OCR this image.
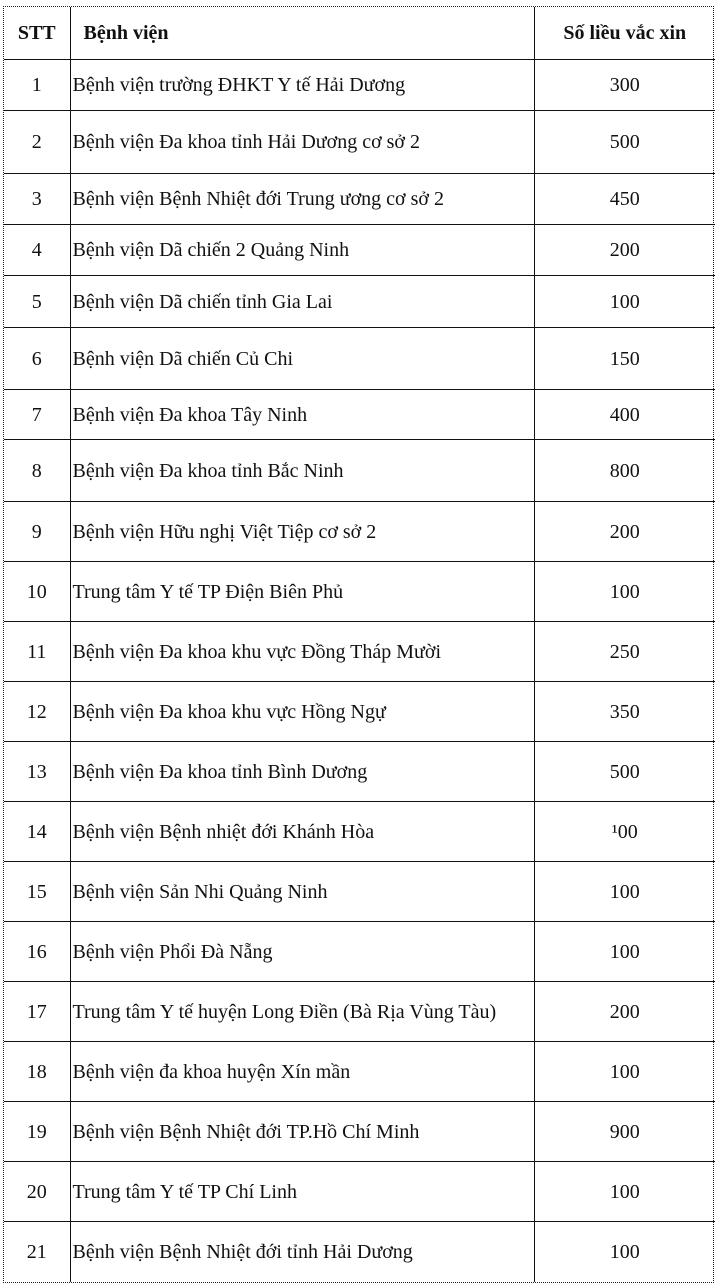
STT	Bệnh viện	Số liều vắc xin
1	Bệnh viện trường ĐHKT Y tế Hải Dương	300
2	Bệnh viện Đa khoa tỉnh Hải Dương cơ sở 2	500
3	Bệnh viện Bệnh Nhiệt đới Trung ương cơ sở 2	450
4	Bệnh viện Dã chiến 2 Quảng Ninh	200
5	Bệnh viện Dã chiến tỉnh Gia Lai	100
6	Bệnh viện Dã chiến Củ Chi	150
7	Bệnh viện Đa khoa Tây Ninh	400
8	Bệnh viện Đa khoa tỉnh Bắc Ninh	800
9	Bệnh viện Hữu nghị Việt Tiệp cơ sở 2	200
10	Trung tâm Y tế TP Điện Biên Phủ	100
11	Bệnh viện Đa khoa khu vực Đồng Tháp Mười	250
12	Bệnh viện Đa khoa khu vực Hồng Ngự	350
13	Bệnh viện Đa khoa tỉnh Bình Dương	500
14	Bệnh viện Bệnh nhiệt đới Khánh Hòa	¹00
15	Bệnh viện Sản Nhi Quảng Ninh	100
16	Bệnh viện Phổi Đà Nẵng	100
17	Trung tâm Y tế huyện Long Điền (Bà Rịa Vùng Tàu)	200
18	Bệnh viện đa khoa huyện Xín mần	100
19	Bệnh viện Bệnh Nhiệt đới TP.Hồ Chí Minh	900
20	Trung tâm Y tế TP Chí Linh	100
21	Bệnh viện Bệnh Nhiệt đới tỉnh Hải Dương	100
